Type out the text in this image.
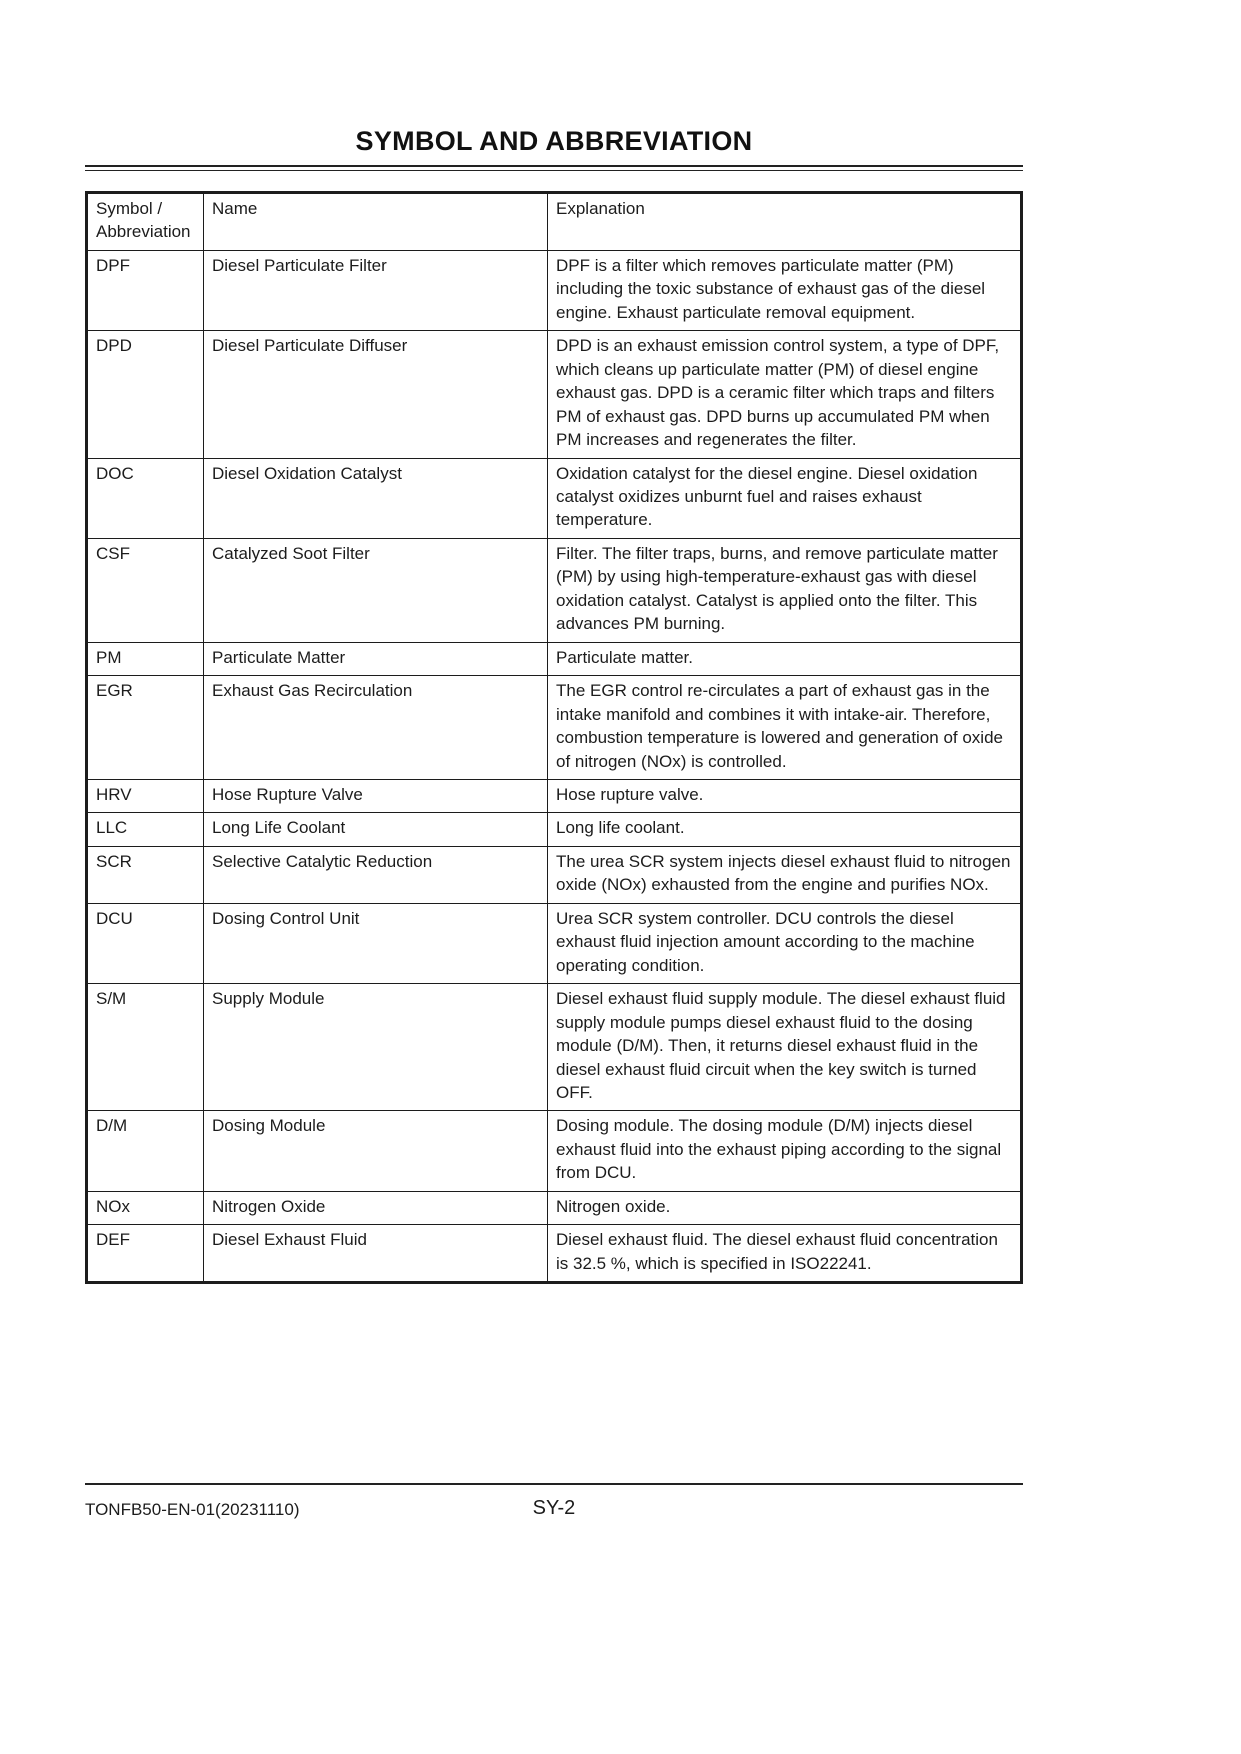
SYMBOL AND ABBREVIATION
Symbol / Abbreviation	Name	Explanation
DPF	Diesel Particulate Filter	DPF is a filter which removes particulate matter (PM) including the toxic substance of exhaust gas of the diesel engine. Exhaust particulate removal equipment.
DPD	Diesel Particulate Diffuser	DPD is an exhaust emission control system, a type of DPF, which cleans up particulate matter (PM) of diesel engine exhaust gas. DPD is a ceramic filter which traps and filters PM of exhaust gas. DPD burns up accumulated PM when PM increases and regenerates the filter.
DOC	Diesel Oxidation Catalyst	Oxidation catalyst for the diesel engine. Diesel oxidation catalyst oxidizes unburnt fuel and raises exhaust temperature.
CSF	Catalyzed Soot Filter	Filter. The filter traps, burns, and remove particulate matter (PM) by using high-temperature-exhaust gas with diesel oxidation catalyst. Catalyst is applied onto the filter. This advances PM burning.
PM	Particulate Matter	Particulate matter.
EGR	Exhaust Gas Recirculation	The EGR control re-circulates a part of exhaust gas in the intake manifold and combines it with intake-air. Therefore, combustion temperature is lowered and generation of oxide of nitrogen (NOx) is controlled.
HRV	Hose Rupture Valve	Hose rupture valve.
LLC	Long Life Coolant	Long life coolant.
SCR	Selective Catalytic Reduction	The urea SCR system injects diesel exhaust fluid to nitrogen oxide (NOx) exhausted from the engine and purifies NOx.
DCU	Dosing Control Unit	Urea SCR system controller. DCU controls the diesel exhaust fluid injection amount according to the machine operating condition.
S/M	Supply Module	Diesel exhaust fluid supply module. The diesel exhaust fluid supply module pumps diesel exhaust fluid to the dosing module (D/M). Then, it returns diesel exhaust fluid in the diesel exhaust fluid circuit when the key switch is turned OFF.
D/M	Dosing Module	Dosing module. The dosing module (D/M) injects diesel exhaust fluid into the exhaust piping according to the signal from DCU.
NOx	Nitrogen Oxide	Nitrogen oxide.
DEF	Diesel Exhaust Fluid	Diesel exhaust fluid. The diesel exhaust fluid concentration is 32.5 %, which is specified in ISO22241.
TONFB50-EN-01(20231110)	SY-2
